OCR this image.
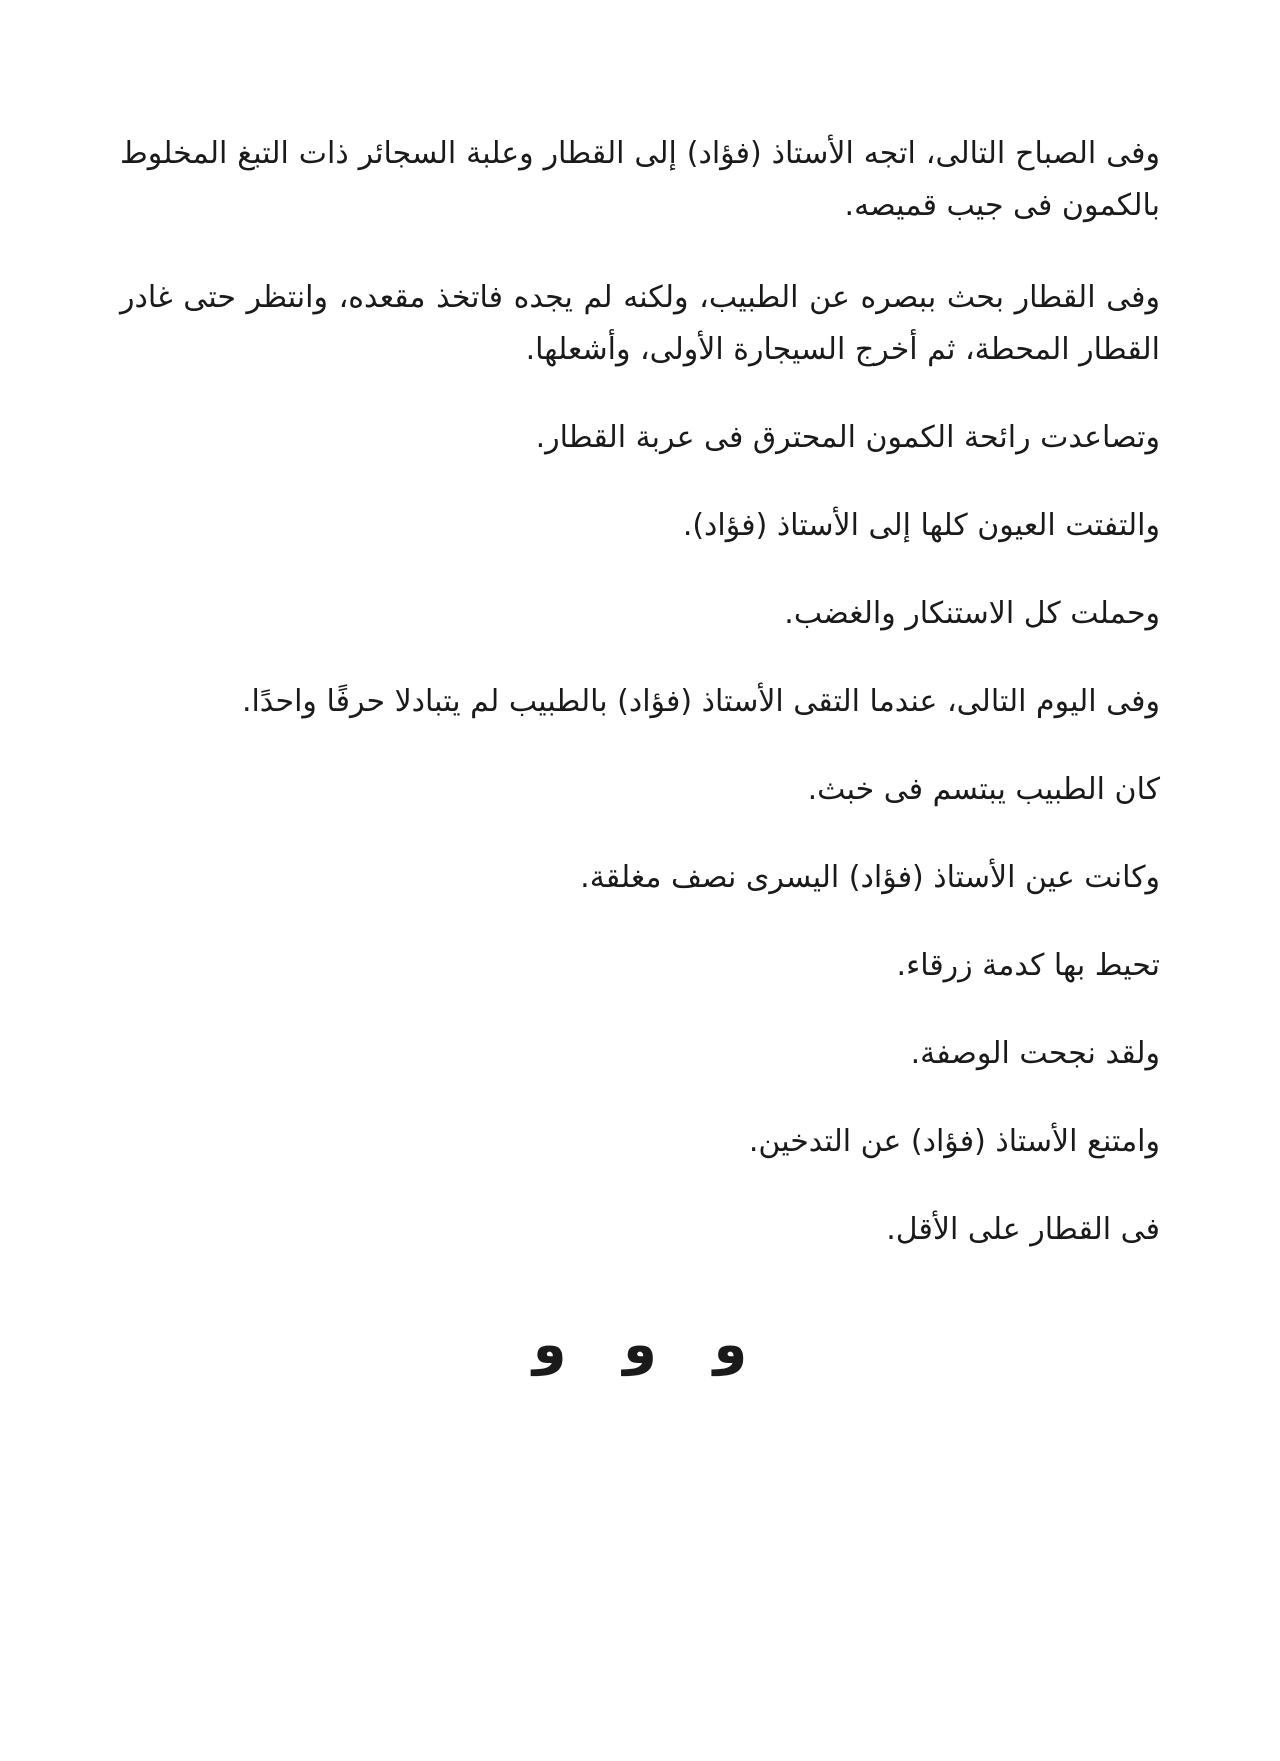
وفى الصباح التالى، اتجه الأستاذ (فؤاد) إلى القطار وعلبة السجائر ذات التبغ المخلوط بالكمون فى جيب قميصه.

وفى القطار بحث ببصره عن الطبيب، ولكنه لم يجده فاتخذ مقعده، وانتظر حتى غادر القطار المحطة، ثم أخرج السيجارة الأولى، وأشعلها.

وتصاعدت رائحة الكمون المحترق فى عربة القطار.

والتفتت العيون كلها إلى الأستاذ (فؤاد).

وحملت كل الاستنكار والغضب.

وفى اليوم التالى، عندما التقى الأستاذ (فؤاد) بالطبيب لم يتبادلا حرفًا واحدًا.

كان الطبيب يبتسم فى خبث.

وكانت عين الأستاذ (فؤاد) اليسرى نصف مغلقة.

تحيط بها كدمة زرقاء.

ولقد نجحت الوصفة.

وامتنع الأستاذ (فؤاد) عن التدخين.

فى القطار على الأقل.

و و و
